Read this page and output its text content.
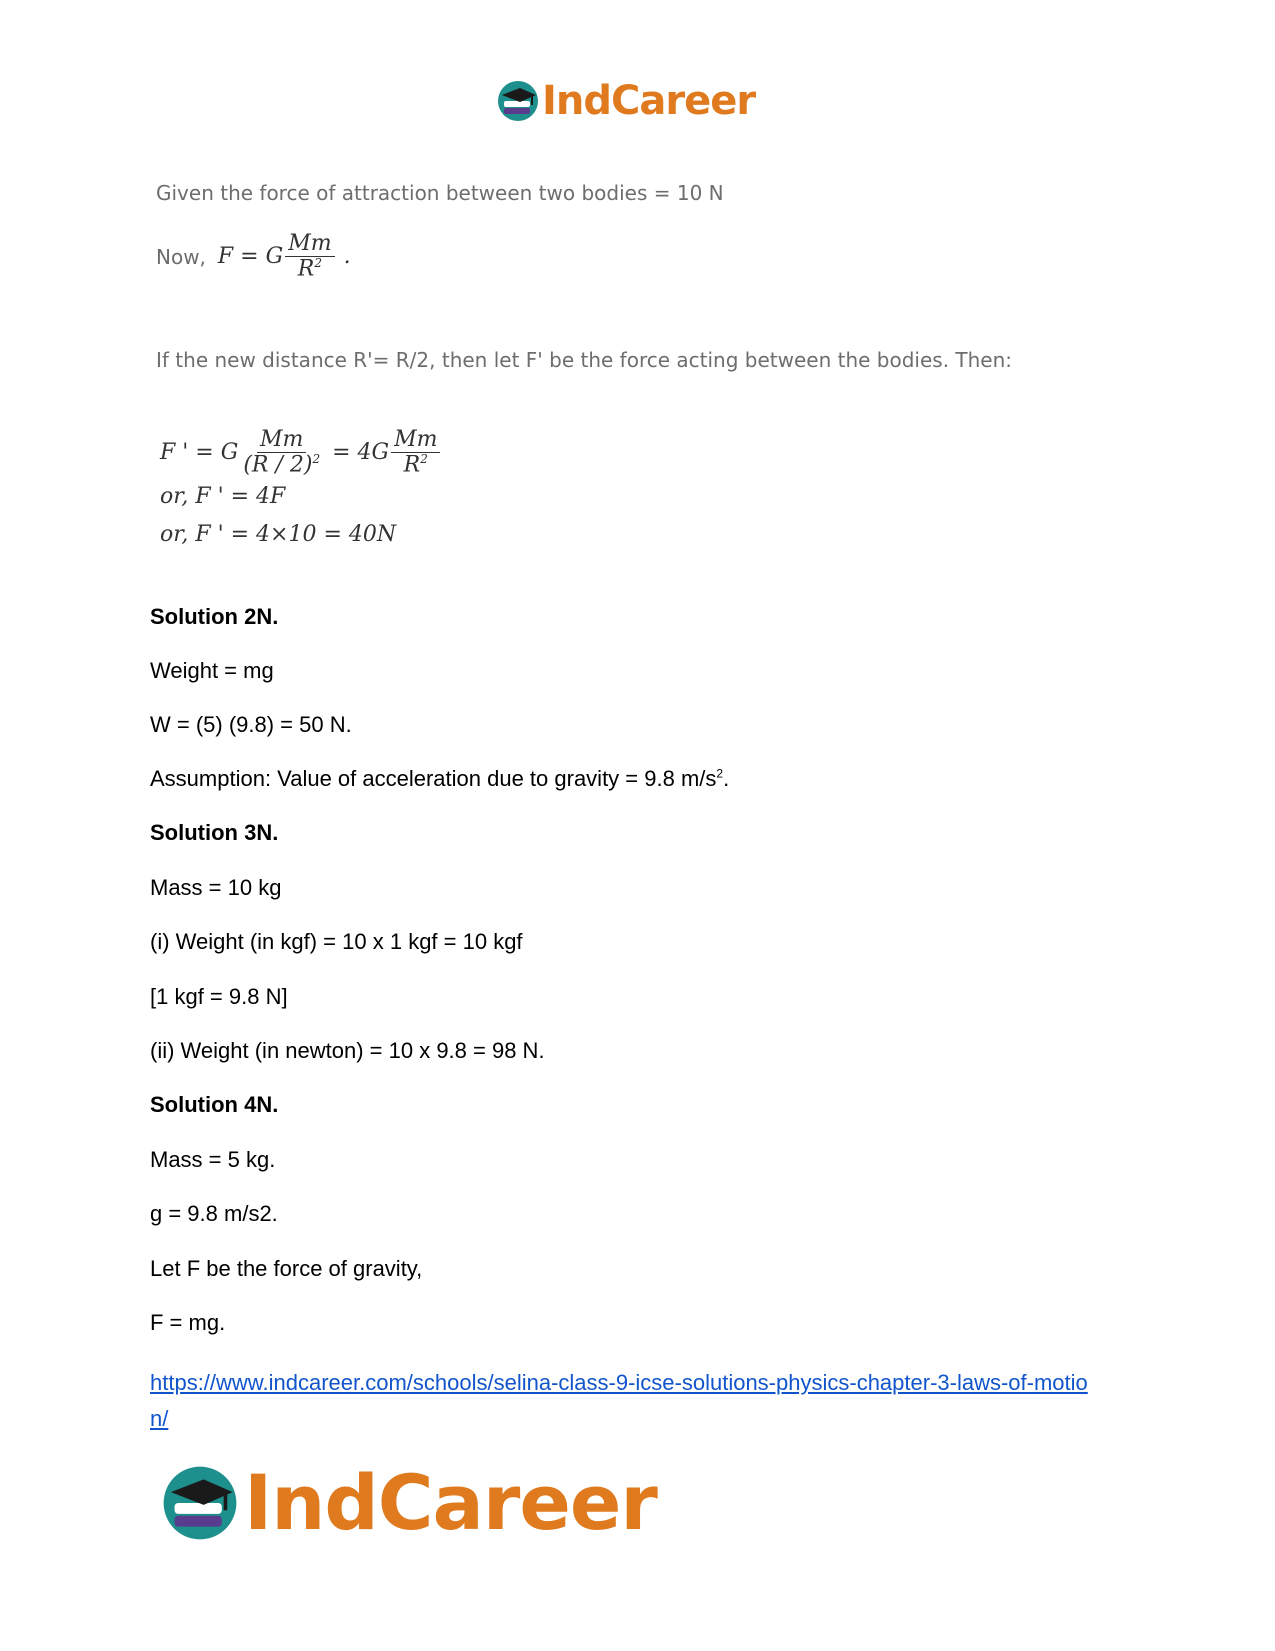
IndCareer
Given the force of attraction between two bodies = 10 N
Now, F = G $\frac{Mm}{R^2}$ .
If the new distance R'= R/2, then let F' be the force acting between the bodies. Then:
F ' = G $\frac{Mm}{(R / 2)^2} = 4G \frac{Mm}{R^2}$
or, F ' = 4F
or, F ' = 4×10 = 40N
Solution 2N.
Weight = mg
W = (5) (9.8) = 50 N.
Assumption: Value of acceleration due to gravity = 9.8 $m/s^2$.
Solution 3N.
Mass = 10 kg
(i) Weight (in kgf) = 10 x 1 kgf = 10 kgf
[1 kgf = 9.8 N]
(ii) Weight (in newton) = 10 x 9.8 = 98 N.
Solution 4N.
Mass = 5 kg.
g = 9.8 m/s2.
Let F be the force of gravity,
F = mg.
https://www.indcareer.com/schools/selina-class-9-icse-solutions-physics-chapter-3-laws-of-motion/
IndCareer
